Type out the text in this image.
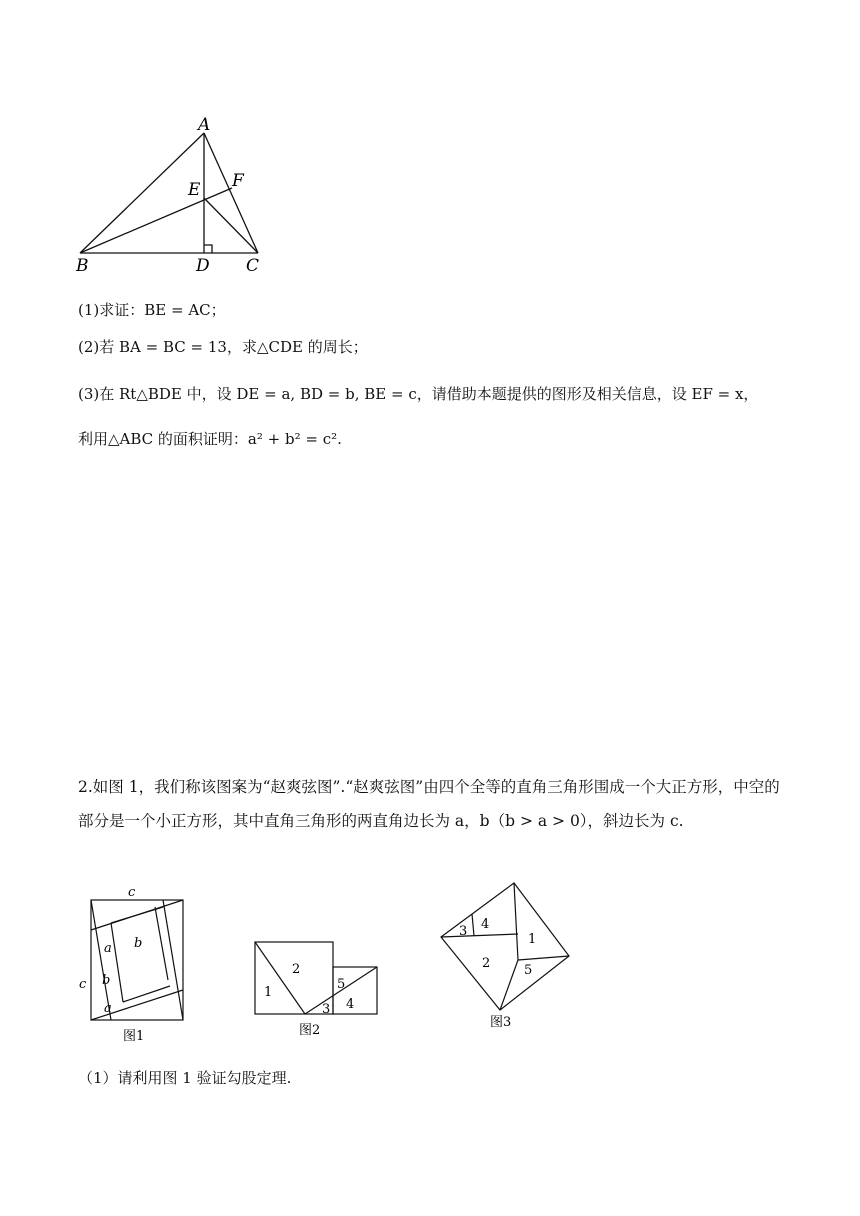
A
B	C
D
E F
(1)求证：BE = AC；
(2)若 BA = BC = 13，求△CDE 的周长；
(3)在 Rt△BDE 中，设 DE = a, BD = b, BE = c，请借助本题提供的图形及相关信息，设 EF = x，
利用△ABC 的面积证明：a² + b² = c².
2.如图 1，我们称该图案为“赵爽弦图”.“赵爽弦图”由四个全等的直角三角形围成一个大正方形，中空的部分是一个小正方形，其中直角三角形的两直角边长为 a，b（b > a > 0），斜边长为 c.
c
c
a b
b
a
图1
1
2
3 4
5
图2
4
3
1
2	5
图3
（1）请利用图 1 验证勾股定理.
